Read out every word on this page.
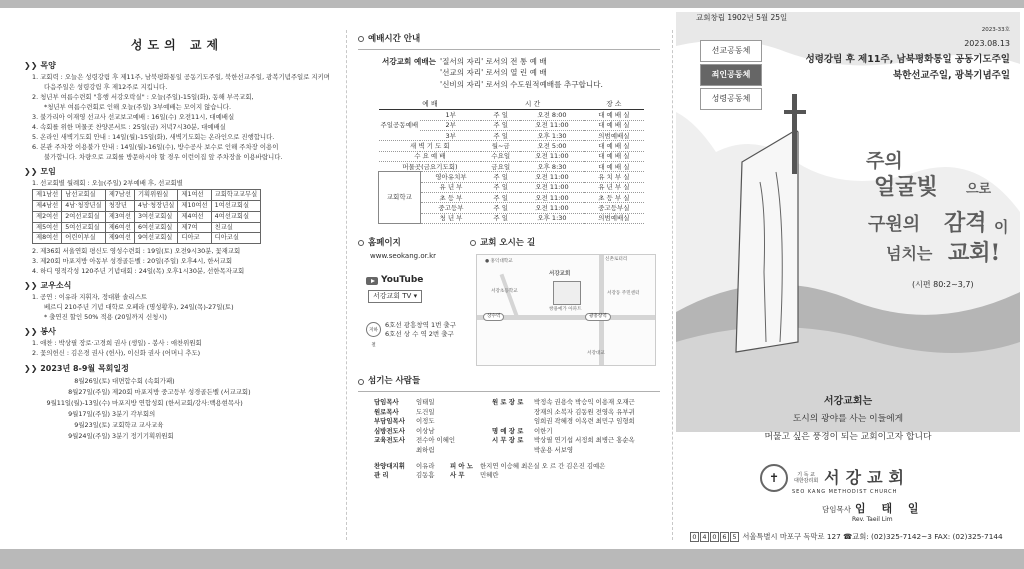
성도의 교제
❯❯ 목양
1. 교회력 : 오늘은 성령강림 후 제11주, 남북평화통일 공동기도주일, 북한선교주일, 광복기념주일로 지키며
다음주일은 성령강림 후 제12주로 지킵니다.
2. 청년부 여름수련회 "흥행 서강오락실" : 오늘(주일)-15일(화), 동해 부곡교회,
*청년부 여름수련회로 인해 오늘(주일) 3부예배는 모이지 않습니다.
3. 불가리아 이재영 선교사 선교보고예배 : 16일(수) 오전11시, 대예배실
4. 속회를 위한 머물곳 찬양콘서트 : 25일(금) 저녁7시30분, 대예배실
5. 온라인 새벽기도회 안내 : 14일(월)-15일(화), 새벽기도회는 온라인으로 진행합니다.
6. 본관 주차장 이용불가 안내 : 14일(월)-16일(수), 방수공사 보수로 인해 주차장 이용이
불가합니다. 차량으로 교회를 방문하시야 할 경우 이런이집 앞 주차장을 이용바랍니다.
❯❯ 모임
1. 선교회별 월례회 : 오늘(주일) 2부예배 후, 선교회별
제1남선	남선교회실	제7남선	기획위원실	제1여선	교회학교교무실
제4남선	4남·청장년실	청장년	4남·청장년실	제10여선	1여선교회실
제2여선	2여선교회실	제3여선	3여선교회실	제4여선	4여선교회실
제5여선	5여선교회실	제6여선	6여선교회실	제7여	친교실
제8여선	어린이부실	제9여선	9여선교회실	디아코	디아코실
2. 제36회 서울연회 평신도 영성수련회 : 19일(토) 오전9시30분, 꽃재교회
3. 제20회 마포지방 아동부 성경골든벨 : 20일(주일) 오후4시, 한서교회
4. 하디 영적각성 120주년 기념대회 : 24일(목) 오후1시30분, 선한목자교회
❯❯ 교우소식
1. 공연 : 이유라 지휘자, 정대환 솔리스트
베르디 210주년 기념 대학로 오페라 (명성황후), 24일(목)-27일(토)
* 출연진 할인 50% 적용 (20일까지 신청시)
❯❯ 봉사
1. 애찬 : 박상필 장로·고경희 권사 (생일) - 봉사 : 애찬위원회
2. 꽃의헌신 : 김은경 권사 (헌사), 이신화 권사 (어머니 추도)
❯❯ 2023년 8-9월 목회일정
8월26일(토) 대면합수회 (속회가패)
8월27일(주일) 제20회 마포지방 중고등부 성경골든벨 (서교교회)
9월11일(월)-13일(수) 마포지방 연합성회 (한서교회/강사:백용현목사)
9월17일(주일) 3분기 각부회의
9월23일(토) 교회학교 교사교육
9월24일(주일) 3분기 정기기획위원회
예배시간 안내
서강교회 예배는 '질서의 자리' 로서의 전 통 예 배
'선교의 자리' 로서의 열 린 예 배
'신비의 자리' 로서의 수도원적예배를 추구합니다.
예 배		시 간		장 소
주일공동예배	1부	주 일	오전 8:00	대 예 배 실
	2부	주 일	오전 11:00	대 예 배 실
	3부	주 일	오후 1:30	의범예배실
새 벽 기 도 회		월~금	오전 5:00	대 예 배 실
수 요 예 배		수요일	오전 11:00	대 예 배 실
머물곳(금요기도회)		금요일	오후 8:30	대 예 배 실
교회학교	영아유치부	주 일	오전 11:00	유 치 부 실
	유 년 부	주 일	오전 11:00	유 년 부 실
	초 등 부	주 일	오전 11:00	초 등 부 실
	중고등부	주 일	오전 11:00	중고등부실
	청 년 부	주 일	오후 1:30	의범예배실
홈페이지
www.seokang.or.kr
YouTube
서강교회 TV ▾
지하철
6호선 광흥창역 1번 출구
6호선 상 수 역 2번 출구
교회 오시는 길
● 홍익대학교	신촌로터리
서강교회
서강초등학교
쌍용예가 아파트
서강동 주민센터
상수역	광흥창역
서강대교
섬기는 사람들
담임목사	임태일
원로목사	도건일
부담임목사	이정도
심방전도사	이상남
교육전도사	전수아 이혜인
최하림
원 로 장 로	박정속 권용숙 박승익 이용재 오재근
장재의 소복자 김동원 전영옥 유부귀
임희권 곽혜경 이옥련 최민구 임형희
명 예 장 로	이한기
시 무 장 로	박상필 연기섭 서정희 최병근 홍순옥
박운용 서보영
찬양대지휘	이유라	피 아 노	한지연 이승혜 최은실 오 르 간 김은진 김예은
관 리	김동흠	사 무	민혜란
교회창립 1902년 5월 25일
2023-33호
2023.08.13
성령강림 후 제11주, 남북평화통일 공동기도주일
북한선교주일, 광복기념주일
선교공동체
죄인공동체
성령공동체
주의
얼굴빛 으로
구원의 감격 이
넘치는 교회!
(시편 80:2~3,7)
서강교회는
도시의 광야를 사는 이들에게
머물고 싶은 풍경이 되는 교회이고자 합니다
✝	기 독 교
대한감리회 서강교회
SEO KANG METHODIST CHURCH
담임목사 임 태 일
Rev. Taeil Lim
0 4 0 6 5 서울특별시 마포구 독막로 127 ☎교회: (02)325-7142~3 FAX: (02)325-7144
